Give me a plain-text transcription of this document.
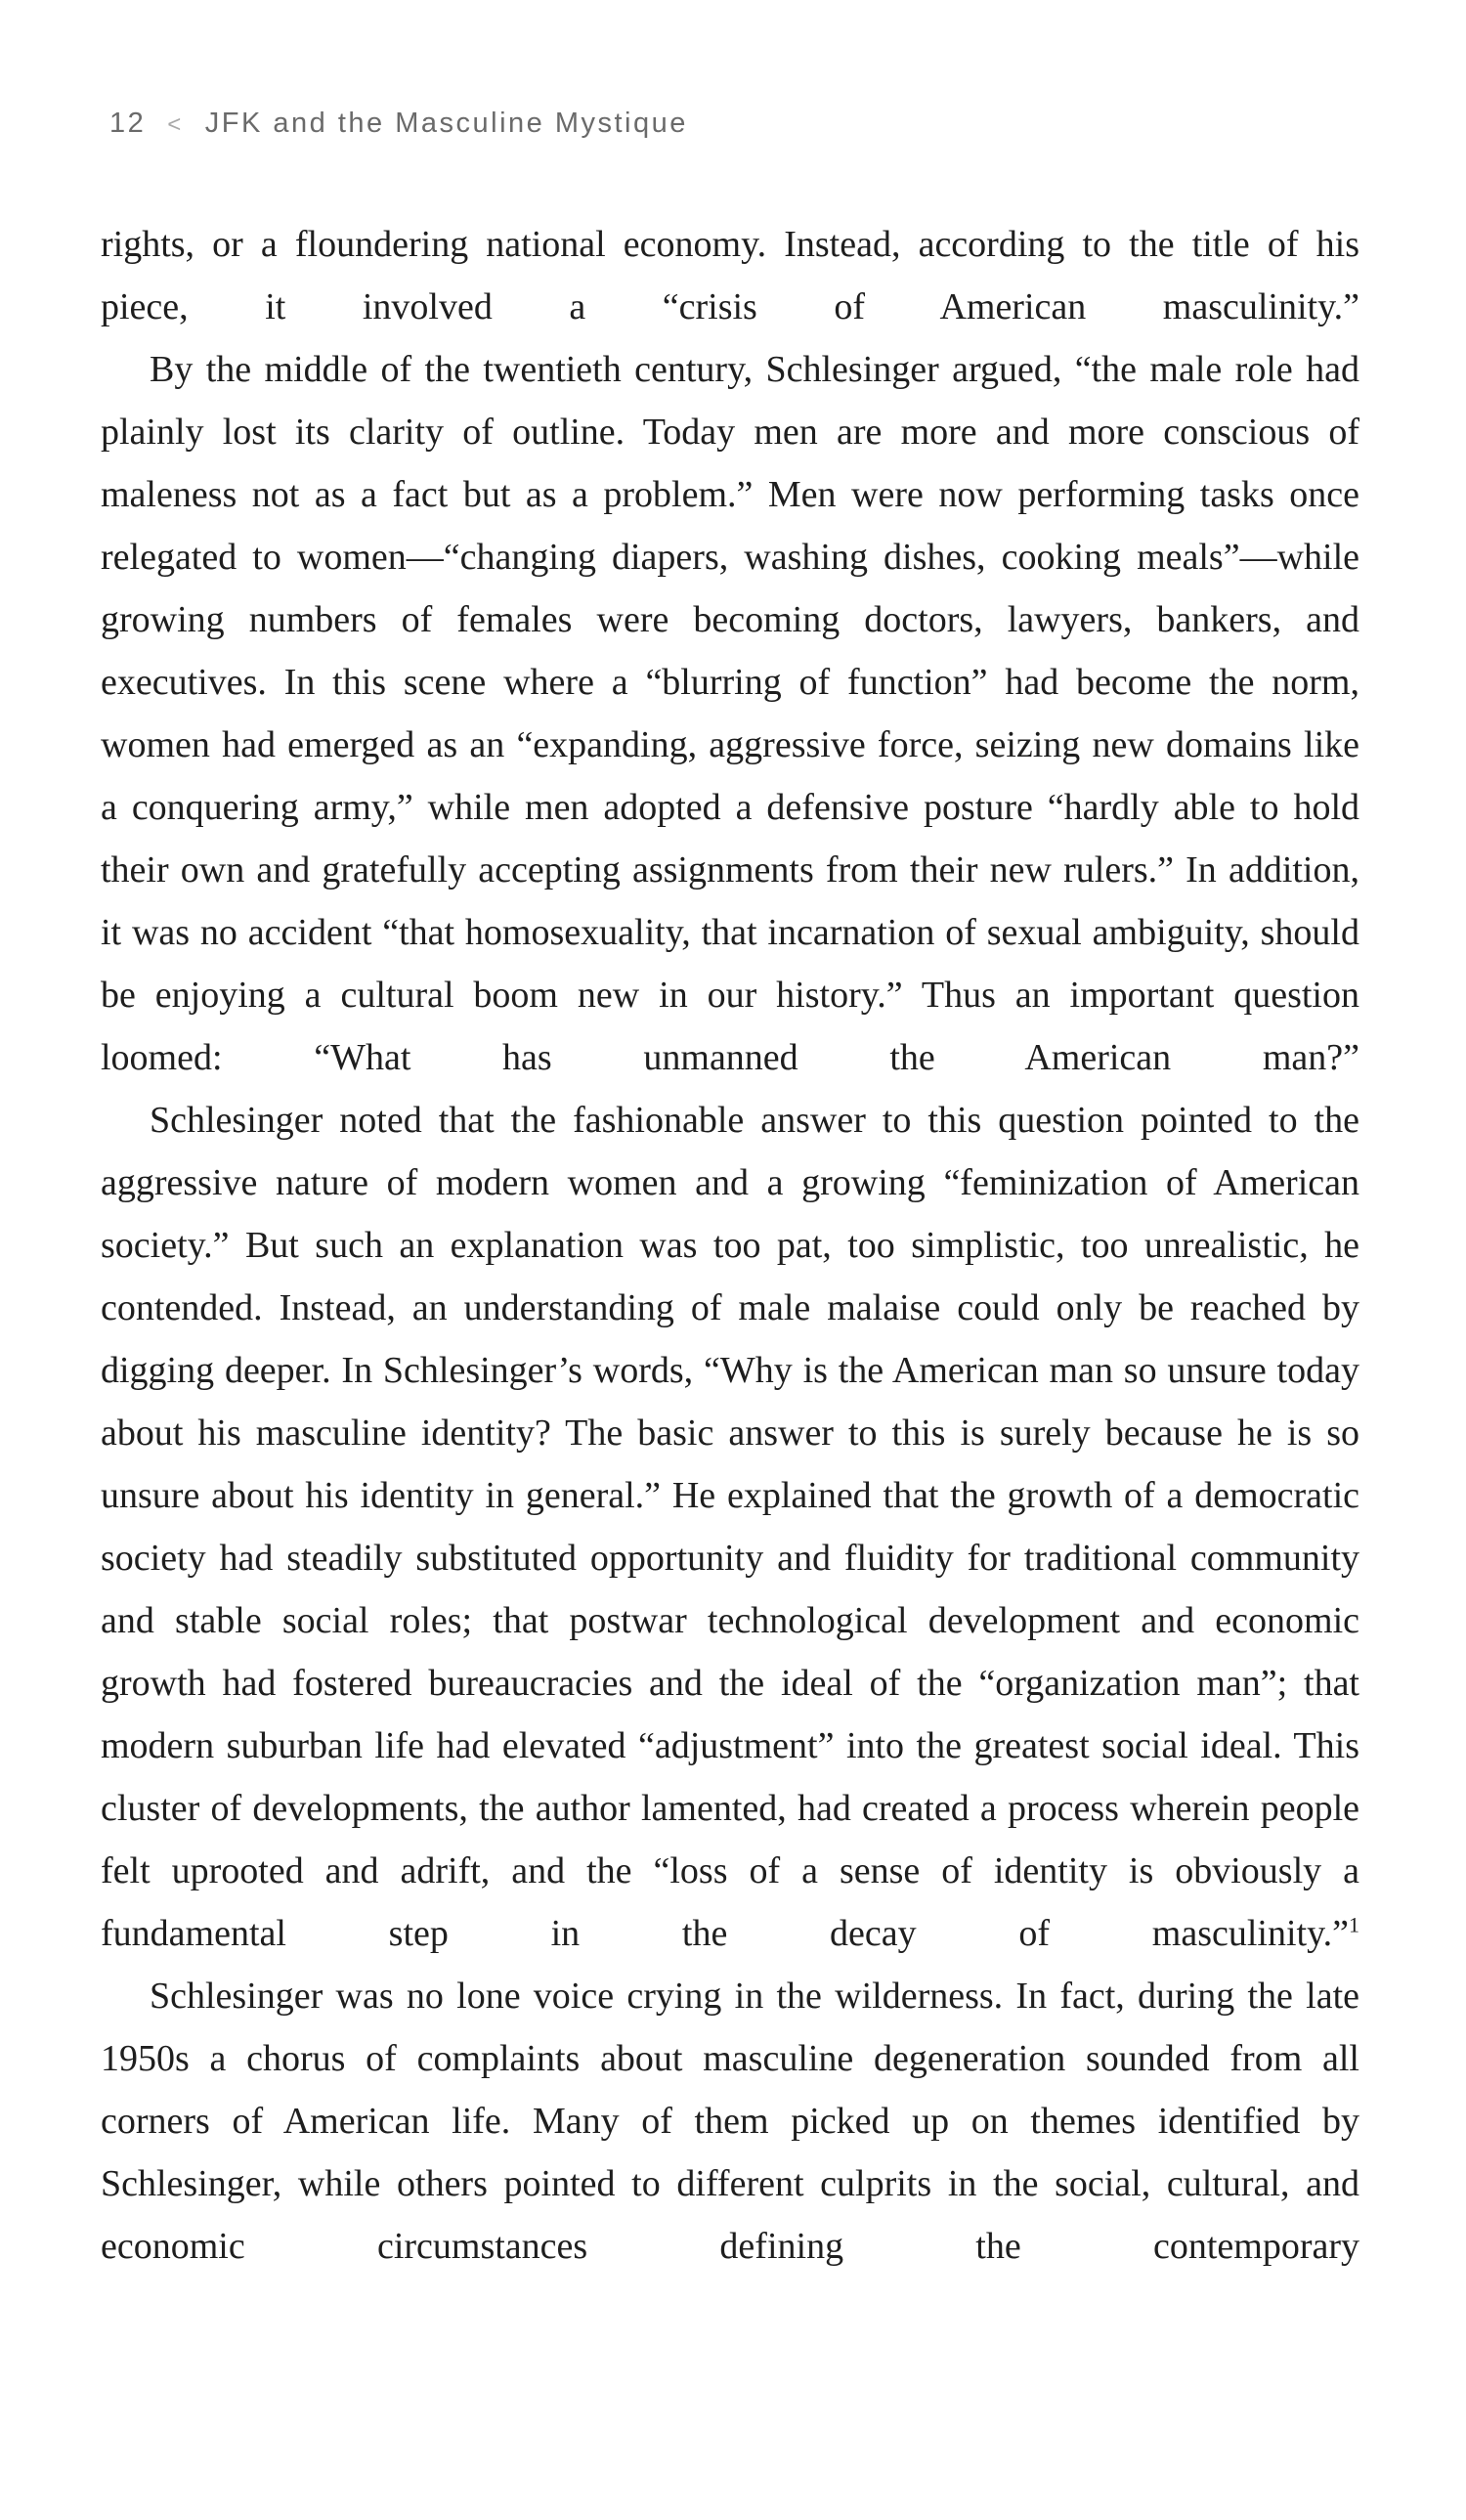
12 < JFK and the Masculine Mystique

rights, or a floundering national economy. Instead, according to the title of his piece, it involved a “crisis of American masculinity.”

By the middle of the twentieth century, Schlesinger argued, “the male role had plainly lost its clarity of outline. Today men are more and more conscious of maleness not as a fact but as a problem.” Men were now performing tasks once relegated to women—“changing diapers, washing dishes, cooking meals”—while growing numbers of females were becoming doctors, lawyers, bankers, and executives. In this scene where a “blurring of function” had become the norm, women had emerged as an “expanding, aggressive force, seizing new domains like a conquering army,” while men adopted a defensive posture “hardly able to hold their own and gratefully accepting assignments from their new rulers.” In addition, it was no accident “that homosexuality, that incarnation of sexual ambiguity, should be enjoying a cultural boom new in our history.” Thus an important question loomed: “What has unmanned the American man?”

Schlesinger noted that the fashionable answer to this question pointed to the aggressive nature of modern women and a growing “feminization of American society.” But such an explanation was too pat, too simplistic, too unrealistic, he contended. Instead, an understanding of male malaise could only be reached by digging deeper. In Schlesinger’s words, “Why is the American man so unsure today about his masculine identity? The basic answer to this is surely because he is so unsure about his identity in general.” He explained that the growth of a democratic society had steadily substituted opportunity and fluidity for traditional community and stable social roles; that postwar technological development and economic growth had fostered bureaucracies and the ideal of the “organization man”; that modern suburban life had elevated “adjustment” into the greatest social ideal. This cluster of developments, the author lamented, had created a process wherein people felt uprooted and adrift, and the “loss of a sense of identity is obviously a fundamental step in the decay of masculinity.”$^1$

Schlesinger was no lone voice crying in the wilderness. In fact, during the late 1950s a chorus of complaints about masculine degeneration sounded from all corners of American life. Many of them picked up on themes identified by Schlesinger, while others pointed to different culprits in the social, cultural, and economic circumstances defining the contemporary
